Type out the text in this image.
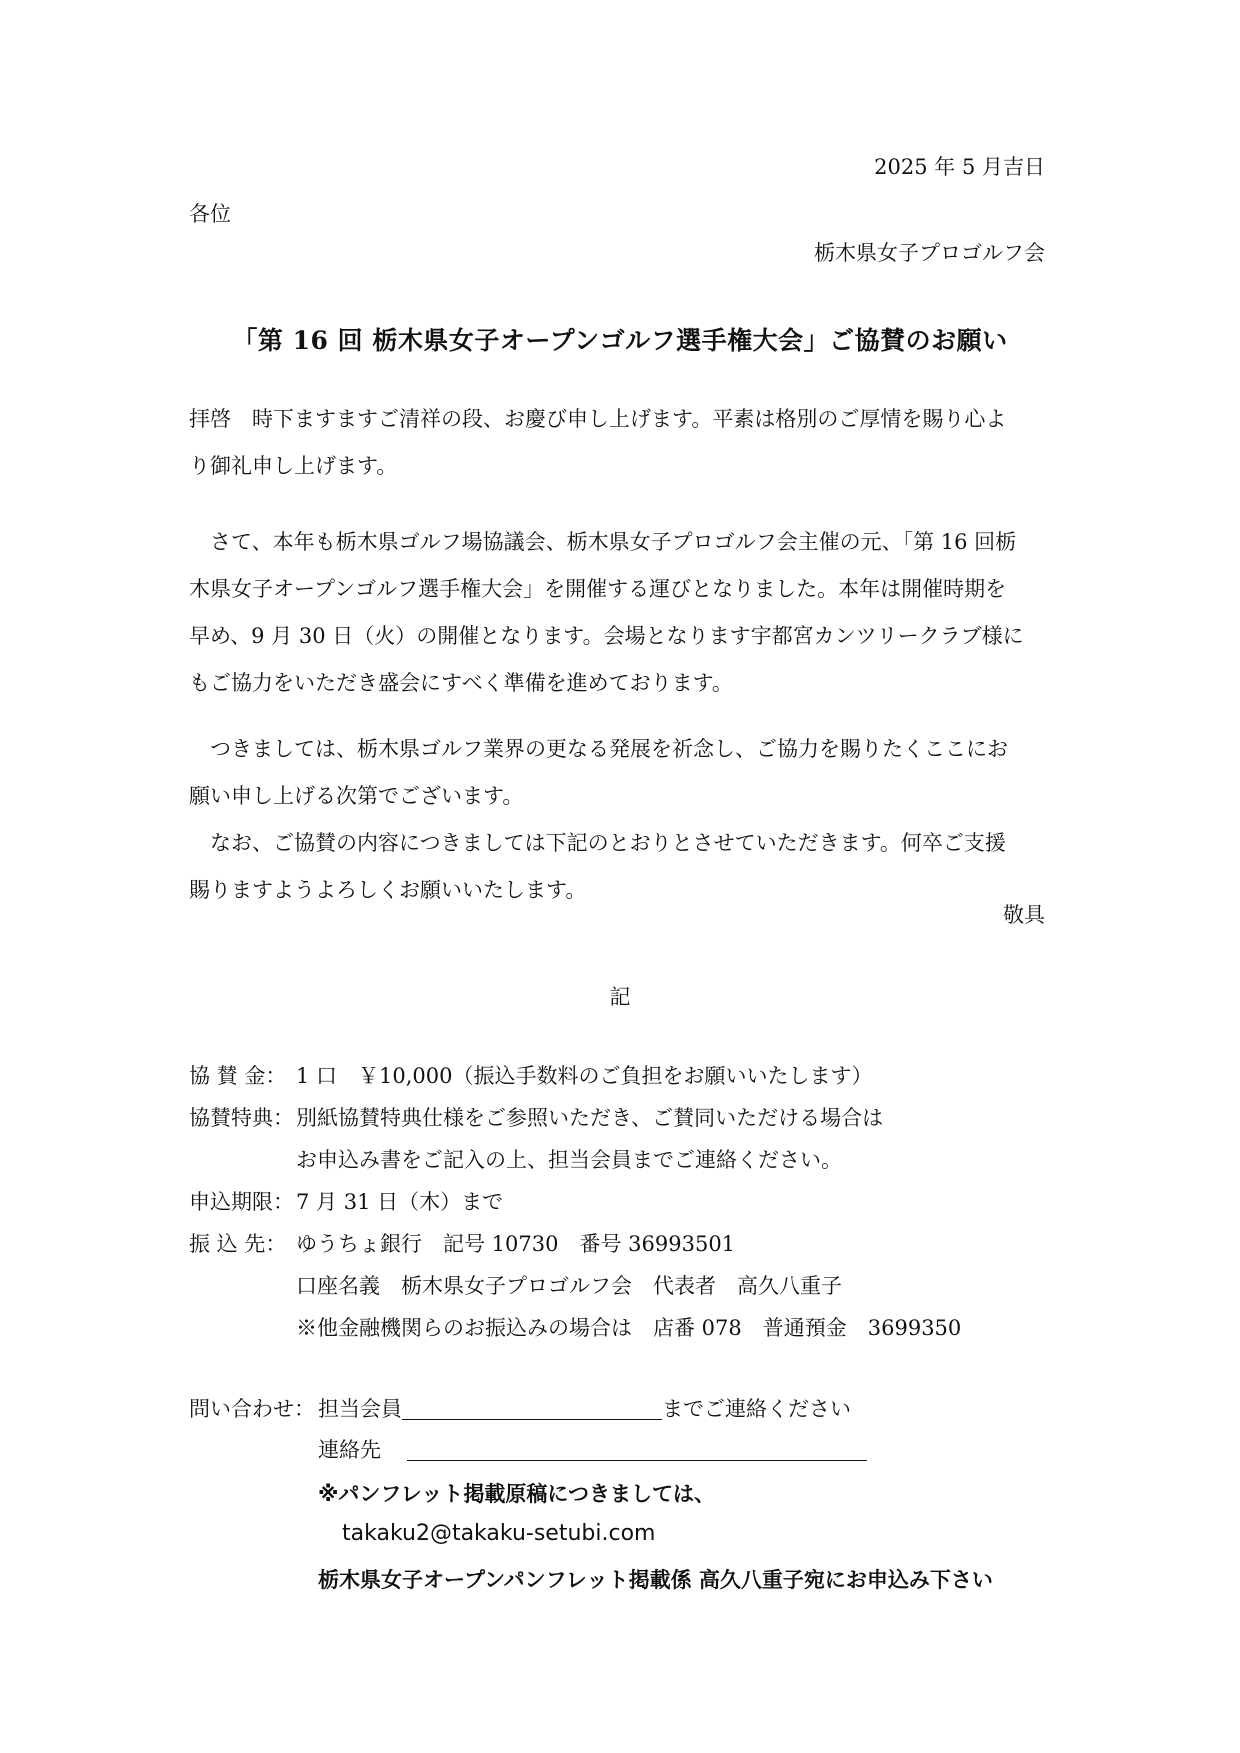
2025 年 5 月吉日
各位
栃木県女子プロゴルフ会
「第 16 回 栃木県女子オープンゴルフ選手権大会」ご協賛のお願い

拝啓　時下ますますご清祥の段、お慶び申し上げます。平素は格別のご厚情を賜り心よ

り御礼申し上げます。

　さて、本年も栃木県ゴルフ場協議会、栃木県女子プロゴルフ会主催の元、「第 16 回栃

木県女子オープンゴルフ選手権大会」を開催する運びとなりました。本年は開催時期を

早め、9 月 30 日（火）の開催となります。会場となります宇都宮カンツリークラブ様に

もご協力をいただき盛会にすべく準備を進めております。

　つきましては、栃木県ゴルフ業界の更なる発展を祈念し、ご協力を賜りたくここにお

願い申し上げる次第でございます。

　なお、ご協賛の内容につきましては下記のとおりとさせていただきます。何卒ご支援

賜りますようよろしくお願いいたします。

敬具
記
協 賛 金： 1 口　￥10,000（振込手数料のご負担をお願いいたします）
協賛特典： 別紙協賛特典仕様をご参照いただき、ご賛同いただける場合は
お申込み書をご記入の上、担当会員までご連絡ください。
申込期限： 7 月 31 日（木）まで
振 込 先： ゆうちょ銀行　記号 10730　番号 36993501
口座名義　栃木県女子プロゴルフ会　代表者　高久八重子
※他金融機関らのお振込みの場合は　店番 078　普通預金　3699350
問い合わせ： 担当会員	までご連絡ください
連絡先
※パンフレット掲載原稿につきましては、
takaku2@takaku-setubi.com
栃木県女子オープンパンフレット掲載係 高久八重子宛にお申込み下さい
